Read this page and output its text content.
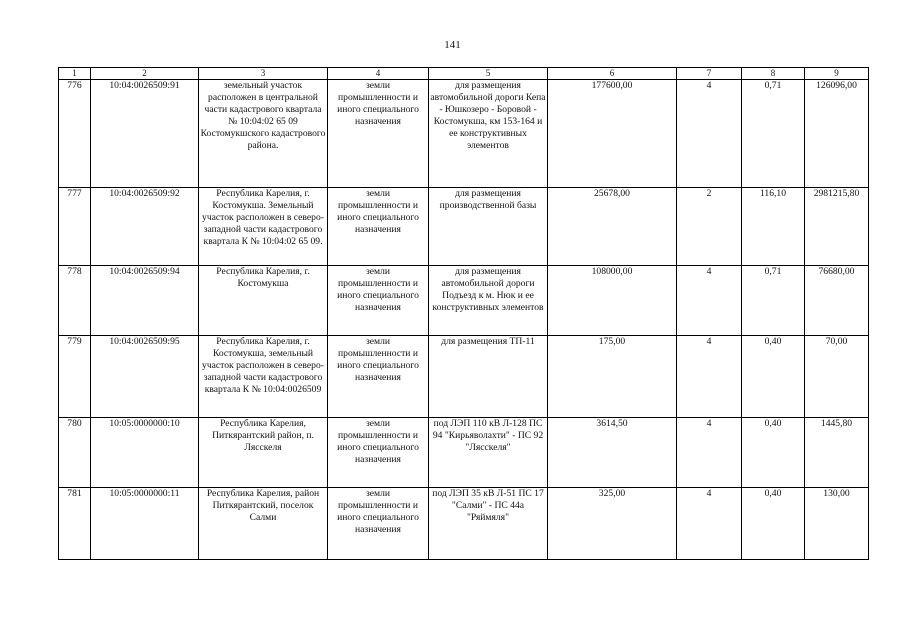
141
1	2	3	4	5	6	7	8	9
776	10:04:0026509:91	земельный участок расположен в центральной части кадастрового квартала № 10:04:02 65 09 Костомукшского кадастрового района.	земли промышленности и иного специального назначения	для размещения автомобильной дороги Кепа - Юшкозеро - Боровой - Костомукша, км 153-164 и ее конструктивных элементов	177600,00	4	0,71	126096,00
777	10:04:0026509:92	Республика Карелия, г. Костомукша. Земельный участок расположен в северо-западной части кадастрового квартала К № 10:04:02 65 09.	земли промышленности и иного специального назначения	для размещения производственной базы	25678,00	2	116,10	2981215,80
778	10:04:0026509:94	Республика Карелия, г. Костомукша	земли промышленности и иного специального назначения	для размещения автомобильной дороги Подъезд к м. Нюк и ее конструктивных элементов	108000,00	4	0,71	76680,00
779	10:04:0026509:95	Республика Карелия, г. Костомукша, земельный участок расположен в северо-западной части кадастрового квартала К № 10:04:0026509	земли промышленности и иного специального назначения	для размещения ТП-11	175,00	4	0,40	70,00
780	10:05:0000000:10	Республика Карелия, Питкярантский район, п. Лясскеля	земли промышленности и иного специального назначения	под ЛЭП 110 кВ Л-128 ПС 94 "Кирьяволахти" - ПС 92 "Лясскеля"	3614,50	4	0,40	1445,80
781	10:05:0000000:11	Республика Карелия, район Питкярантский, поселок Салми	земли промышленности и иного специального назначения	под ЛЭП 35 кВ Л-51 ПС 17 "Салми" - ПС 44а "Ряймяля"	325,00	4	0,40	130,00
